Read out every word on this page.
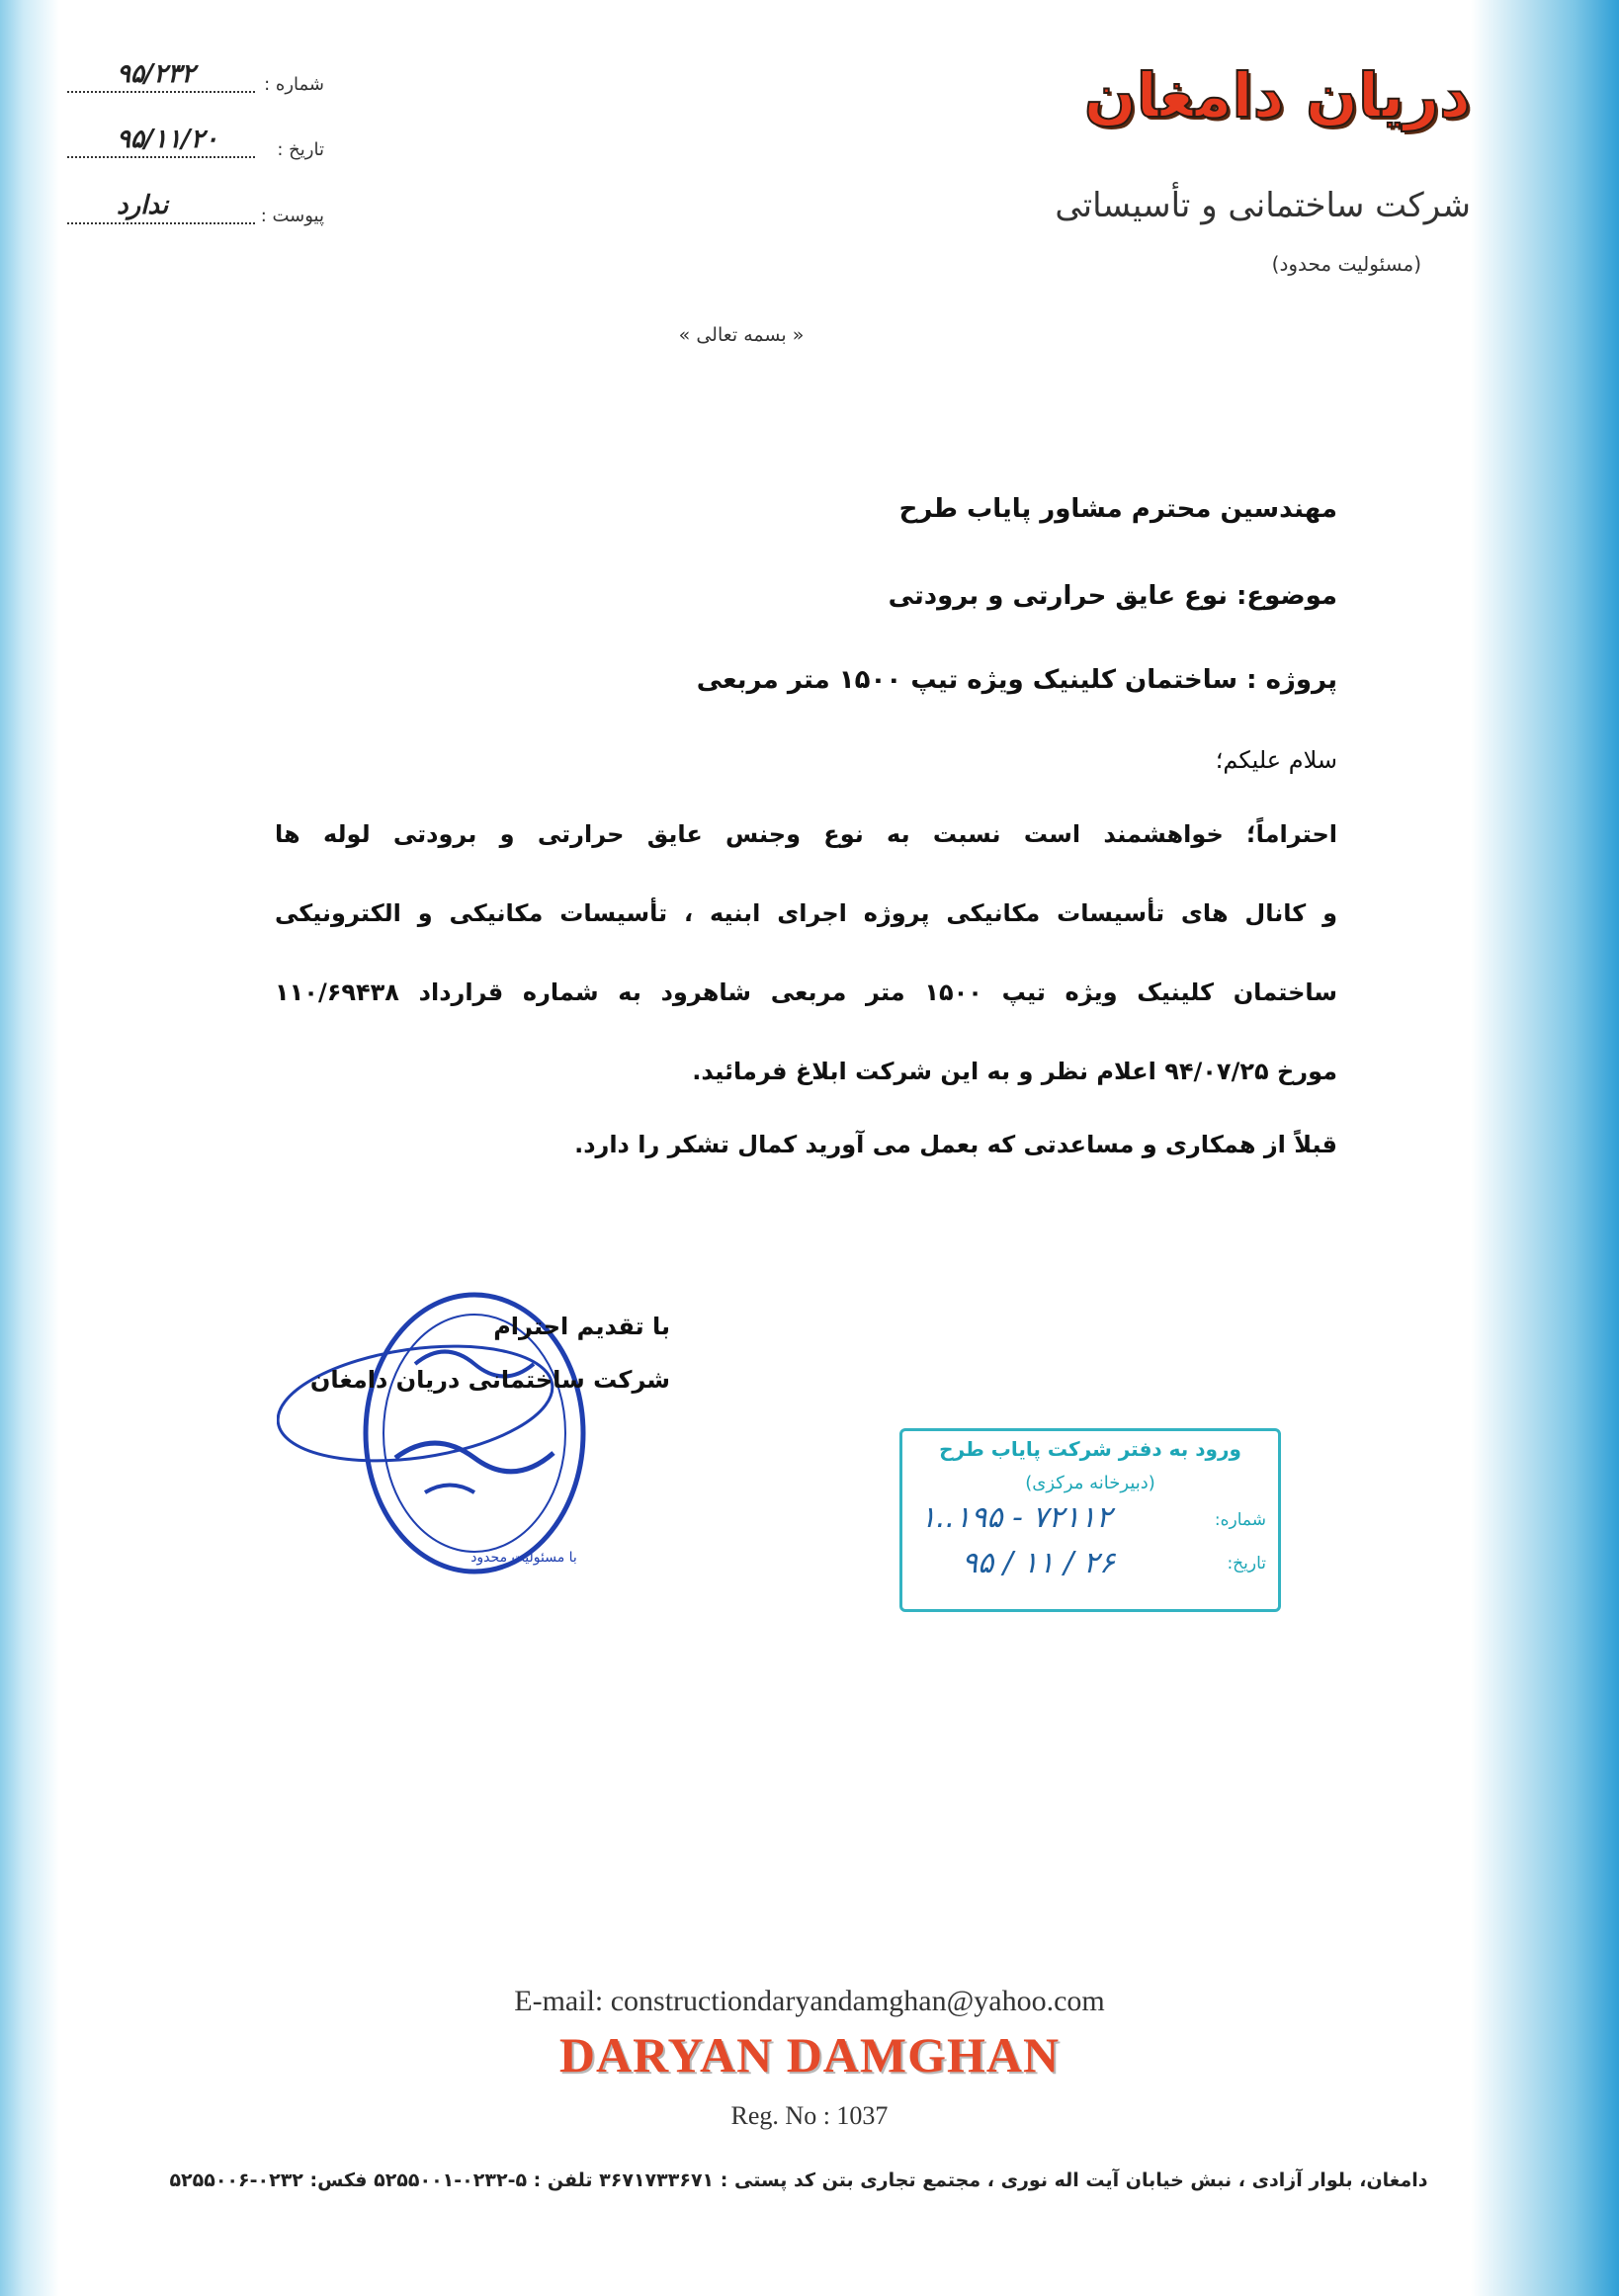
شماره :
۹۵/۲۳۲
تاریخ :
۹۵/۱۱/۲۰
پیوست :
ندارد
دریان دامغان
شرکت ساختمانی و تأسیساتی
(مسئولیت محدود)
« بسمه تعالی »
مهندسین محترم مشاور پایاب طرح
موضوع: نوع عایق حرارتی و برودتی
پروژه : ساختمان کلینیک ویژه تیپ ۱۵۰۰ متر مربعی
سلام علیکم؛
احتراماً؛ خواهشمند است نسبت به نوع وجنس عایق حرارتی و برودتی لوله ها
و کانال های تأسیسات مکانیکی پروژه اجرای ابنیه ، تأسیسات مکانیکی و الکترونیکی
ساختمان کلینیک ویژه تیپ ۱۵۰۰ متر مربعی شاهرود به شماره قرارداد ۱۱۰/۶۹۴۳۸
مورخ ۹۴/۰۷/۲۵ اعلام نظر و به این شرکت ابلاغ فرمائید.
قبلاً از همکاری و مساعدتی که بعمل می آورید کمال تشکر را دارد.
با مسئولیت محدود
با تقدیم احترام
شرکت ساختمانی دریان دامغان
ورود به دفتر شرکت پایاب طرح
(دبیرخانه مرکزی)
شماره:
۱..۱۹۵ - ۷۲۱۱۲
تاریخ:
۹۵ / ۱۱ / ۲۶
E-mail: constructiondaryandamghan@yahoo.com
DARYAN DAMGHAN
Reg. No : 1037
دامغان، بلوار آزادی ، نبش خیابان آیت اله نوری ، مجتمع تجاری بتن کد پستی : ۳۶۷۱۷۳۳۶۷۱ تلفن : ۵-۰۲۳۲-۵۲۵۵۰۰۱ فکس: ۰۲۳۲-۵۲۵۵۰۰۶
